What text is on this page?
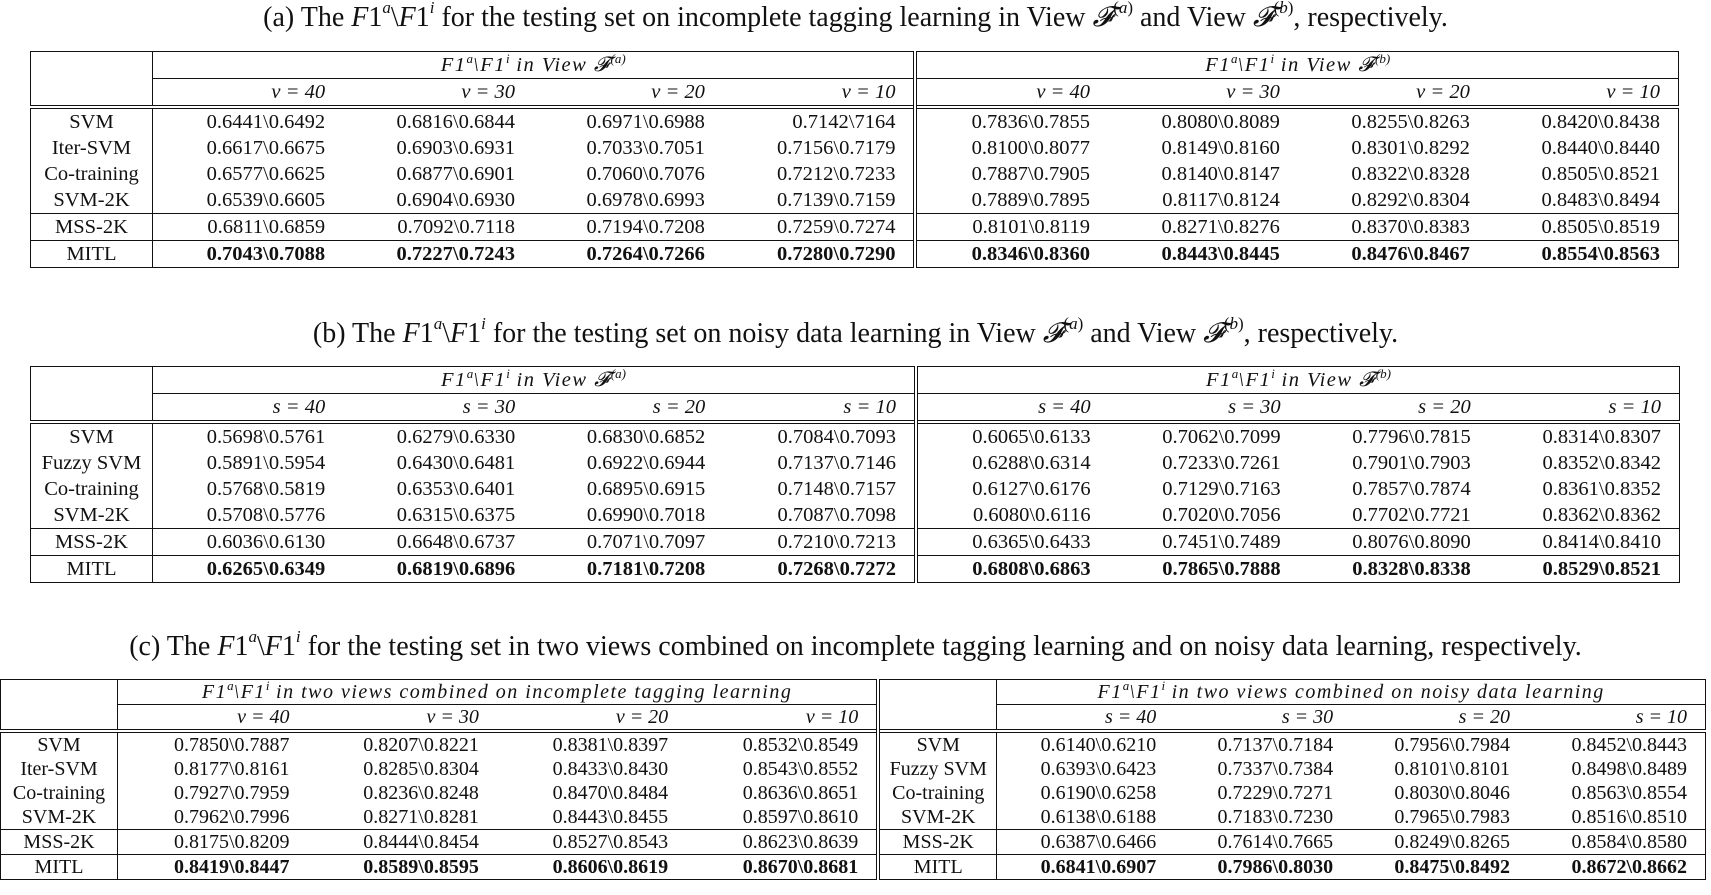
(a) The F1$^a$\F1$^i$ for the testing set on incomplete tagging learning in View 𝓕$^{(a)}$ and View 𝓕$^{(b)}$, respectively.
(b) The F1$^a$\F1$^i$ for the testing set on noisy data learning in View 𝓕$^{(a)}$ and View 𝓕$^{(b)}$, respectively.
(c) The F1$^a$\F1$^i$ for the testing set in two views combined on incomplete tagging learning and on noisy data learning, respectively.
	F1$^a$\F1$^i$ in View 𝓕$^{(a)}$				F1$^a$\F1$^i$ in View 𝓕$^{(b)}$
	v = 40	v = 30	v = 20	v = 10	v = 40	v = 30	v = 20	v = 10
SVM	0.6441\0.6492	0.6816\0.6844	0.6971\0.6988	0.7142\7164	0.7836\0.7855	0.8080\0.8089	0.8255\0.8263	0.8420\0.8438
Iter-SVM	0.6617\0.6675	0.6903\0.6931	0.7033\0.7051	0.7156\0.7179	0.8100\0.8077	0.8149\0.8160	0.8301\0.8292	0.8440\0.8440
Co-training	0.6577\0.6625	0.6877\0.6901	0.7060\0.7076	0.7212\0.7233	0.7887\0.7905	0.8140\0.8147	0.8322\0.8328	0.8505\0.8521
SVM-2K	0.6539\0.6605	0.6904\0.6930	0.6978\0.6993	0.7139\0.7159	0.7889\0.7895	0.8117\0.8124	0.8292\0.8304	0.8483\0.8494
MSS-2K	0.6811\0.6859	0.7092\0.7118	0.7194\0.7208	0.7259\0.7274	0.8101\0.8119	0.8271\0.8276	0.8370\0.8383	0.8505\0.8519
MITL	0.7043\0.7088	0.7227\0.7243	0.7264\0.7266	0.7280\0.7290	0.8346\0.8360	0.8443\0.8445	0.8476\0.8467	0.8554\0.8563
	F1$^a$\F1$^i$ in View 𝓕$^{(a)}$				F1$^a$\F1$^i$ in View 𝓕$^{(b)}$
	s = 40	s = 30	s = 20	s = 10	s = 40	s = 30	s = 20	s = 10
SVM	0.5698\0.5761	0.6279\0.6330	0.6830\0.6852	0.7084\0.7093	0.6065\0.6133	0.7062\0.7099	0.7796\0.7815	0.8314\0.8307
Fuzzy SVM	0.5891\0.5954	0.6430\0.6481	0.6922\0.6944	0.7137\0.7146	0.6288\0.6314	0.7233\0.7261	0.7901\0.7903	0.8352\0.8342
Co-training	0.5768\0.5819	0.6353\0.6401	0.6895\0.6915	0.7148\0.7157	0.6127\0.6176	0.7129\0.7163	0.7857\0.7874	0.8361\0.8352
SVM-2K	0.5708\0.5776	0.6315\0.6375	0.6990\0.7018	0.7087\0.7098	0.6080\0.6116	0.7020\0.7056	0.7702\0.7721	0.8362\0.8362
MSS-2K	0.6036\0.6130	0.6648\0.6737	0.7071\0.7097	0.7210\0.7213	0.6365\0.6433	0.7451\0.7489	0.8076\0.8090	0.8414\0.8410
MITL	0.6265\0.6349	0.6819\0.6896	0.7181\0.7208	0.7268\0.7272	0.6808\0.6863	0.7865\0.7888	0.8328\0.8338	0.8529\0.8521
	F1$^a$\F1$^i$ in two views combined on incomplete tagging learning					F1$^a$\F1$^i$ in two views combined on noisy data learning			
	v = 40	v = 30	v = 20	v = 10		s = 40	s = 30	s = 20	s = 10
SVM	0.7850\0.7887	0.8207\0.8221	0.8381\0.8397	0.8532\0.8549	SVM	0.6140\0.6210	0.7137\0.7184	0.7956\0.7984	0.8452\0.8443
Iter-SVM	0.8177\0.8161	0.8285\0.8304	0.8433\0.8430	0.8543\0.8552	Fuzzy SVM	0.6393\0.6423	0.7337\0.7384	0.8101\0.8101	0.8498\0.8489
Co-training	0.7927\0.7959	0.8236\0.8248	0.8470\0.8484	0.8636\0.8651	Co-training	0.6190\0.6258	0.7229\0.7271	0.8030\0.8046	0.8563\0.8554
SVM-2K	0.7962\0.7996	0.8271\0.8281	0.8443\0.8455	0.8597\0.8610	SVM-2K	0.6138\0.6188	0.7183\0.7230	0.7965\0.7983	0.8516\0.8510
MSS-2K	0.8175\0.8209	0.8444\0.8454	0.8527\0.8543	0.8623\0.8639	MSS-2K	0.6387\0.6466	0.7614\0.7665	0.8249\0.8265	0.8584\0.8580
MITL	0.8419\0.8447	0.8589\0.8595	0.8606\0.8619	0.8670\0.8681	MITL	0.6841\0.6907	0.7986\0.8030	0.8475\0.8492	0.8672\0.8662
